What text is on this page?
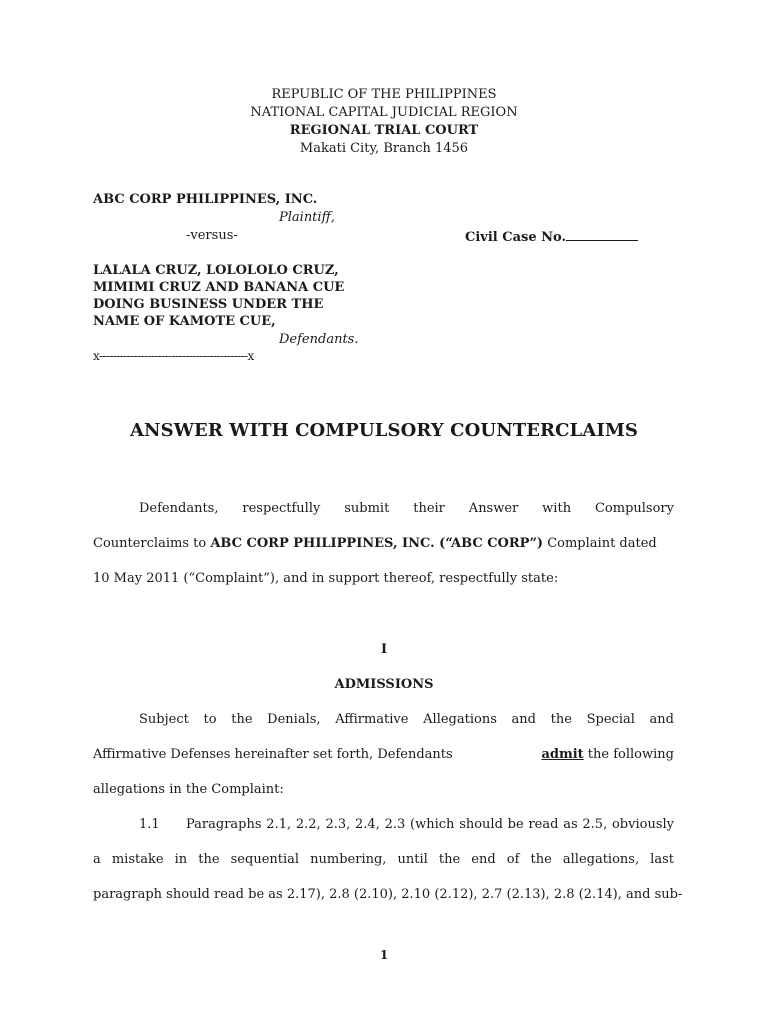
REPUBLIC OF THE PHILIPPINES
NATIONAL CAPITAL JUDICIAL REGION
REGIONAL TRIAL COURT
Makati City, Branch 1456
ABC CORP PHILIPPINES, INC.
Plaintiff,
-versus-	Civil Case No.
LALALA CRUZ, LOLOLOLO CRUZ,
MIMIMI CRUZ AND BANANA CUE
DOING BUSINESS UNDER THE
NAME OF KAMOTE CUE,
Defendants.
x-------------------------------------------x
ANSWER WITH COMPULSORY COUNTERCLAIMS
Defendants, respectfully submit their Answer with Compulsory
Counterclaims to ABC CORP PHILIPPINES, INC. (“ABC CORP”) Complaint dated
10 May 2011 (“Complaint”), and in support thereof, respectfully state:
I
ADMISSIONS
Subject to the Denials, Affirmative Allegations and the Special and
Affirmative Defenses hereinafter set forth, Defendants	admit the following
allegations in the Complaint:
1.1	Paragraphs 2.1, 2.2, 2.3, 2.4, 2.3 (which should be read as 2.5, obviously
a mistake in the sequential numbering, until the end of the allegations, last
paragraph should read be as 2.17), 2.8 (2.10), 2.10 (2.12), 2.7 (2.13), 2.8 (2.14), and sub-
1
